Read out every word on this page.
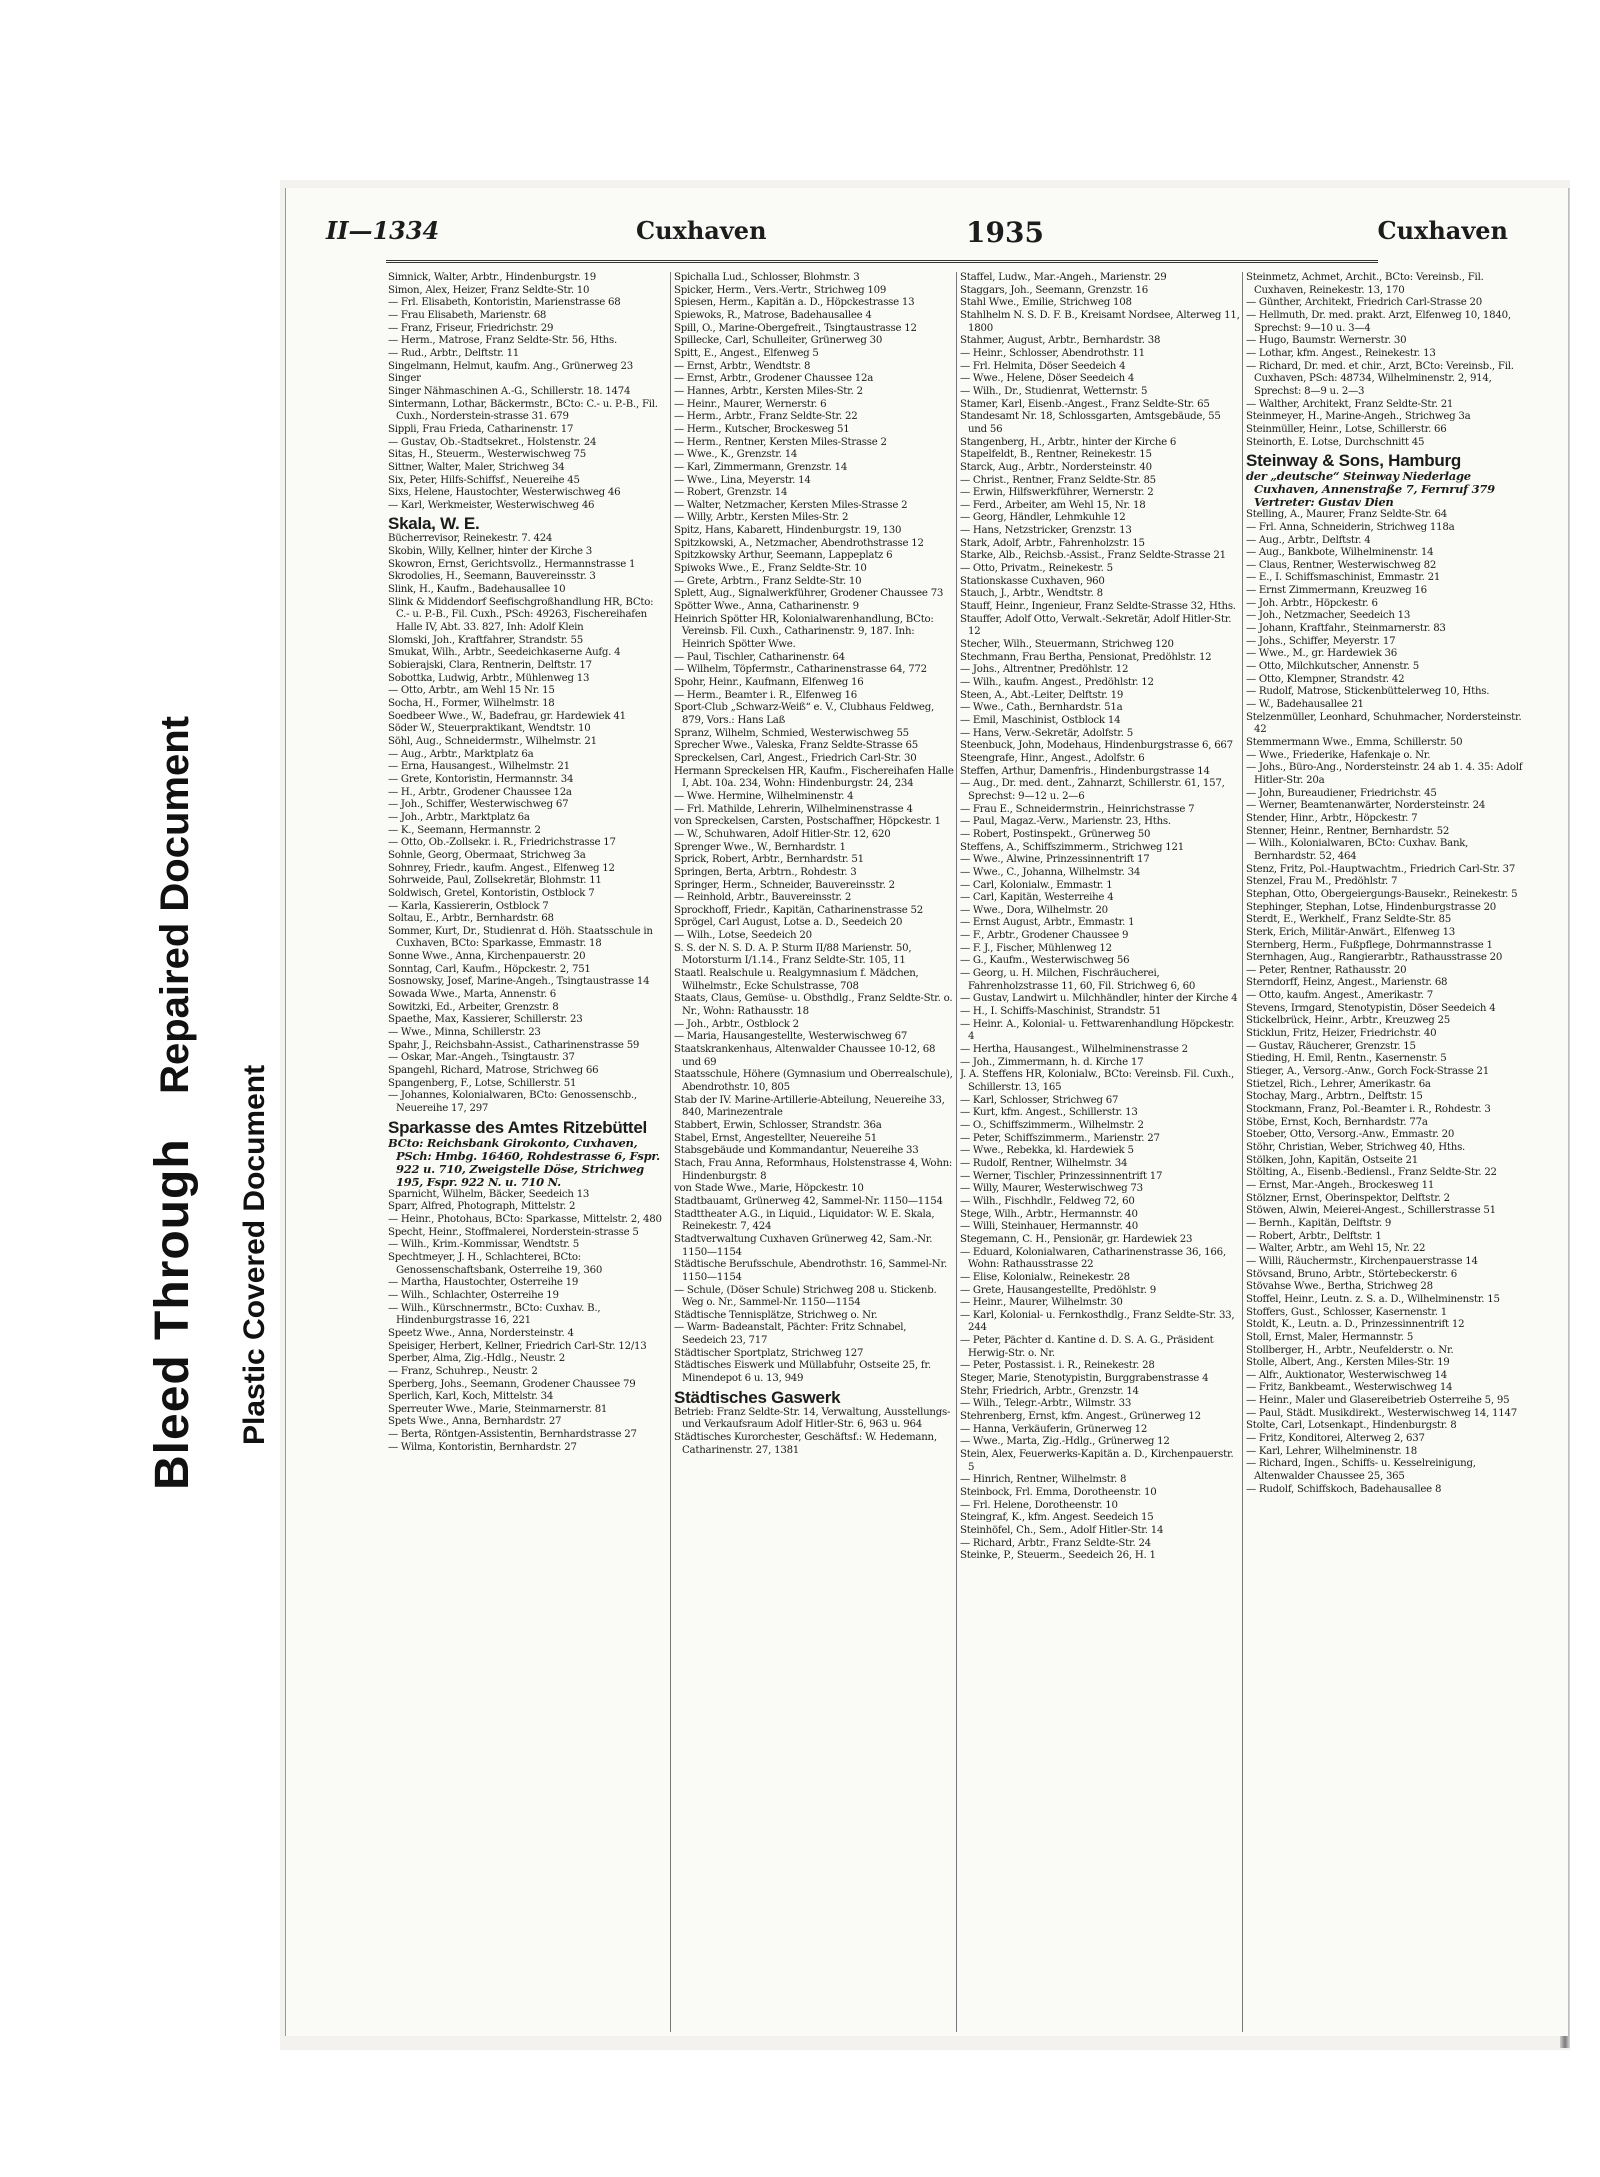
Bleed Through Repaired Document
Plastic Covered Document
II—1334	Cuxhaven	1935	Cuxhaven

Simnick, Walter, Arbtr., Hindenburgstr. 19

Simon, Alex, Heizer, Franz Seldte-Str. 10

— Frl. Elisabeth, Kontoristin, Marienstrasse 68

— Frau Elisabeth, Marienstr. 68

— Franz, Friseur, Friedrichstr. 29

— Herm., Matrose, Franz Seldte-Str. 56, Hths.

— Rud., Arbtr., Delftstr. 11

Singelmann, Helmut, kaufm. Ang., Grünerweg 23

Singer

Singer Nähmaschinen A.-G., Schillerstr. 18. 1474

Sintermann, Lothar, Bäckermstr., BCto: C.- u. P.-B., Fil. Cuxh., Norderstein-strasse 31. 679

Sippli, Frau Frieda, Catharinenstr. 17

— Gustav, Ob.-Stadtsekret., Holstenstr. 24

Sitas, H., Steuerm., Westerwischweg 75

Sittner, Walter, Maler, Strichweg 34

Six, Peter, Hilfs-Schiffsf., Neuereihe 45

Sixs, Helene, Haustochter, Westerwischweg 46

— Karl, Werkmeister, Westerwischweg 46

Skala, W. E.

Bücherrevisor, Reinekestr. 7. 424

Skobin, Willy, Kellner, hinter der Kirche 3

Skowron, Ernst, Gerichtsvollz., Hermannstrasse 1

Skrodolies, H., Seemann, Bauvereinsstr. 3

Slink, H., Kaufm., Badehausallee 10

Slink & Middendorf Seefischgroßhandlung HR, BCto: C.- u. P.-B., Fil. Cuxh., PSch: 49263, Fischereihafen Halle IV, Abt. 33. 827, Inh: Adolf Klein

Slomski, Joh., Kraftfahrer, Strandstr. 55

Smukat, Wilh., Arbtr., Seedeichkaserne Aufg. 4

Sobierajski, Clara, Rentnerin, Delftstr. 17

Sobottka, Ludwig, Arbtr., Mühlenweg 13

— Otto, Arbtr., am Wehl 15 Nr. 15

Socha, H., Former, Wilhelmstr. 18

Soedbeer Wwe., W., Badefrau, gr. Hardewiek 41

Söder W., Steuerpraktikant, Wendtstr. 10

Söhl, Aug., Schneidermstr., Wilhelmstr. 21

— Aug., Arbtr., Marktplatz 6a

— Erna, Hausangest., Wilhelmstr. 21

— Grete, Kontoristin, Hermannstr. 34

— H., Arbtr., Grodener Chaussee 12a

— Joh., Schiffer, Westerwischweg 67

— Joh., Arbtr., Marktplatz 6a

— K., Seemann, Hermannstr. 2

— Otto, Ob.-Zollsekr. i. R., Friedrichstrasse 17

Sohnle, Georg, Obermaat, Strichweg 3a

Sohnrey, Friedr., kaufm. Angest., Elfenweg 12

Sohrweide, Paul, Zollsekretär, Blohmstr. 11

Soldwisch, Gretel, Kontoristin, Ostblock 7

— Karla, Kassiererin, Ostblock 7

Soltau, E., Arbtr., Bernhardstr. 68

Sommer, Kurt, Dr., Studienrat d. Höh. Staatsschule in Cuxhaven, BCto: Sparkasse, Emmastr. 18

Sonne Wwe., Anna, Kirchenpauerstr. 20

Sonntag, Carl, Kaufm., Höpckestr. 2, 751

Sosnowsky, Josef, Marine-Angeh., Tsingtaustrasse 14

Sowada Wwe., Marta, Annenstr. 6

Sowitzki, Ed., Arbeiter, Grenzstr. 8

Spaethe, Max, Kassierer, Schillerstr. 23

— Wwe., Minna, Schillerstr. 23

Spahr, J., Reichsbahn-Assist., Catharinenstrasse 59

— Oskar, Mar.-Angeh., Tsingtaustr. 37

Spangehl, Richard, Matrose, Strichweg 66

Spangenberg, F., Lotse, Schillerstr. 51

— Johannes, Kolonialwaren, BCto: Genossenschb., Neuereihe 17, 297

Sparkasse des Amtes Ritzebüttel

BCto: Reichsbank Girokonto, Cuxhaven, PSch: Hmbg. 16460, Rohdestrasse 6, Fspr. 922 u. 710, Zweigstelle Döse, Strichweg 195, Fspr. 922 N. u. 710 N.

Sparnicht, Wilhelm, Bäcker, Seedeich 13

Sparr, Alfred, Photograph, Mittelstr. 2

— Heinr., Photohaus, BCto: Sparkasse, Mittelstr. 2, 480

Specht, Heinr., Stoffmalerei, Norderstein-strasse 5

— Wilh., Krim.-Kommissar, Wendtstr. 5

Spechtmeyer, J. H., Schlachterei, BCto: Genossenschaftsbank, Osterreihe 19, 360

— Martha, Haustochter, Osterreihe 19

— Wilh., Schlachter, Osterreihe 19

— Wilh., Kürschnermstr., BCto: Cuxhav. B., Hindenburgstrasse 16, 221

Speetz Wwe., Anna, Nordersteinstr. 4

Speisiger, Herbert, Kellner, Friedrich Carl-Str. 12/13

Sperber, Alma, Zig.-Hdlg., Neustr. 2

— Franz, Schuhrep., Neustr. 2

Sperberg, Johs., Seemann, Grodener Chaussee 79

Sperlich, Karl, Koch, Mittelstr. 34

Sperreuter Wwe., Marie, Steinmarnerstr. 81

Spets Wwe., Anna, Bernhardstr. 27

— Berta, Röntgen-Assistentin, Bernhardstrasse 27

— Wilma, Kontoristin, Bernhardstr. 27

Spichalla Lud., Schlosser, Blohmstr. 3

Spicker, Herm., Vers.-Vertr., Strichweg 109

Spiesen, Herm., Kapitän a. D., Höpckestrasse 13

Spiewoks, R., Matrose, Badehausallee 4

Spill, O., Marine-Obergefreit., Tsingtaustrasse 12

Spillecke, Carl, Schulleiter, Grünerweg 30

Spitt, E., Angest., Elfenweg 5

— Ernst, Arbtr., Wendtstr. 8

— Ernst, Arbtr., Grodener Chaussee 12a

— Hannes, Arbtr., Kersten Miles-Str. 2

— Heinr., Maurer, Wernerstr. 6

— Herm., Arbtr., Franz Seldte-Str. 22

— Herm., Kutscher, Brockesweg 51

— Herm., Rentner, Kersten Miles-Strasse 2

— Wwe., K., Grenzstr. 14

— Karl, Zimmermann, Grenzstr. 14

— Wwe., Lina, Meyerstr. 14

— Robert, Grenzstr. 14

— Walter, Netzmacher, Kersten Miles-Strasse 2

— Willy, Arbtr., Kersten Miles-Str. 2

Spitz, Hans, Kabarett, Hindenburgstr. 19, 130

Spitzkowski, A., Netzmacher, Abendrothstrasse 12

Spitzkowsky Arthur, Seemann, Lappeplatz 6

Spiwoks Wwe., E., Franz Seldte-Str. 10

— Grete, Arbtrn., Franz Seldte-Str. 10

Splett, Aug., Signalwerkführer, Grodener Chaussee 73

Spötter Wwe., Anna, Catharinenstr. 9

Heinrich Spötter HR, Kolonialwarenhandlung, BCto: Vereinsb. Fil. Cuxh., Catharinenstr. 9, 187. Inh: Heinrich Spötter Wwe.

— Paul, Tischler, Catharinenstr. 64

— Wilhelm, Töpfermstr., Catharinenstrasse 64, 772

Spohr, Heinr., Kaufmann, Elfenweg 16

— Herm., Beamter i. R., Elfenweg 16

Sport-Club „Schwarz-Weiß“ e. V., Clubhaus Feldweg, 879, Vors.: Hans Laß

Spranz, Wilhelm, Schmied, Westerwischweg 55

Sprecher Wwe., Valeska, Franz Seldte-Strasse 65

Spreckelsen, Carl, Angest., Friedrich Carl-Str. 30

Hermann Spreckelsen HR, Kaufm., Fischereihafen Halle I, Abt. 10a. 234, Wohn: Hindenburgstr. 24, 234

— Wwe. Hermine, Wilhelminenstr. 4

— Frl. Mathilde, Lehrerin, Wilhelminenstrasse 4

von Spreckelsen, Carsten, Postschaffner, Höpckestr. 1

— W., Schuhwaren, Adolf Hitler-Str. 12, 620

Sprenger Wwe., W., Bernhardstr. 1

Sprick, Robert, Arbtr., Bernhardstr. 51

Springen, Berta, Arbtrn., Rohdestr. 3

Springer, Herm., Schneider, Bauvereinsstr. 2

— Reinhold, Arbtr., Bauvereinsstr. 2

Sprockhoff, Friedr., Kapitän, Catharinenstrasse 52

Sprögel, Carl August, Lotse a. D., Seedeich 20

— Wilh., Lotse, Seedeich 20

S. S. der N. S. D. A. P. Sturm II/88 Marienstr. 50, Motorsturm I/1.14., Franz Seldte-Str. 105, 11

Staatl. Realschule u. Realgymnasium f. Mädchen, Wilhelmstr., Ecke Schulstrasse, 708

Staats, Claus, Gemüse- u. Obsthdlg., Franz Seldte-Str. o. Nr., Wohn: Rathausstr. 18

— Joh., Arbtr., Ostblock 2

— Maria, Hausangestellte, Westerwischweg 67

Staatskrankenhaus, Altenwalder Chaussee 10-12, 68 und 69

Staatsschule, Höhere (Gymnasium und Oberrealschule), Abendrothstr. 10, 805

Stab der IV. Marine-Artillerie-Abteilung, Neuereihe 33, 840, Marinezentrale

Stabbert, Erwin, Schlosser, Strandstr. 36a

Stabel, Ernst, Angestellter, Neuereihe 51

Stabsgebäude und Kommandantur, Neuereihe 33

Stach, Frau Anna, Reformhaus, Holstenstrasse 4, Wohn: Hindenburgstr. 8

von Stade Wwe., Marie, Höpckestr. 10

Stadtbauamt, Grünerweg 42, Sammel-Nr. 1150—1154

Stadttheater A.G., in Liquid., Liquidator: W. E. Skala, Reinekestr. 7, 424

Stadtverwaltung Cuxhaven Grünerweg 42, Sam.-Nr. 1150—1154

Städtische Berufsschule, Abendrothstr. 16, Sammel-Nr. 1150—1154

— Schule, (Döser Schule) Strichweg 208 u. Stickenb. Weg o. Nr., Sammel-Nr. 1150—1154

Städtische Tennisplätze, Strichweg o. Nr.

— Warm- Badeanstalt, Pächter: Fritz Schnabel, Seedeich 23, 717

Städtischer Sportplatz, Strichweg 127

Städtisches Eiswerk und Müllabfuhr, Ostseite 25, fr. Minendepot 6 u. 13, 949

Städtisches Gaswerk

Betrieb: Franz Seldte-Str. 14, Verwaltung, Ausstellungs- und Verkaufsraum Adolf Hitler-Str. 6, 963 u. 964

Städtisches Kurorchester, Geschäftsf.: W. Hedemann, Catharinenstr. 27, 1381

Staffel, Ludw., Mar.-Angeh., Marienstr. 29

Staggars, Joh., Seemann, Grenzstr. 16

Stahl Wwe., Emilie, Strichweg 108

Stahlhelm N. S. D. F. B., Kreisamt Nordsee, Alterweg 11, 1800

Stahmer, August, Arbtr., Bernhardstr. 38

— Heinr., Schlosser, Abendrothstr. 11

— Frl. Helmita, Döser Seedeich 4

— Wwe., Helene, Döser Seedeich 4

— Wilh., Dr., Studienrat, Wetternstr. 5

Stamer, Karl, Eisenb.-Angest., Franz Seldte-Str. 65

Standesamt Nr. 18, Schlossgarten, Amtsgebäude, 55 und 56

Stangenberg, H., Arbtr., hinter der Kirche 6

Stapelfeldt, B., Rentner, Reinekestr. 15

Starck, Aug., Arbtr., Nordersteinstr. 40

— Christ., Rentner, Franz Seldte-Str. 85

— Erwin, Hilfswerkführer, Wernerstr. 2

— Ferd., Arbeiter, am Wehl 15, Nr. 18

— Georg, Händler, Lehmkuhle 12

— Hans, Netzstricker, Grenzstr. 13

Stark, Adolf, Arbtr., Fahrenholzstr. 15

Starke, Alb., Reichsb.-Assist., Franz Seldte-Strasse 21

— Otto, Privatm., Reinekestr. 5

Stationskasse Cuxhaven, 960

Stauch, J., Arbtr., Wendtstr. 8

Stauff, Heinr., Ingenieur, Franz Seldte-Strasse 32, Hths.

Stauffer, Adolf Otto, Verwalt.-Sekretär, Adolf Hitler-Str. 12

Stecher, Wilh., Steuermann, Strichweg 120

Stechmann, Frau Bertha, Pensionat, Predöhlstr. 12

— Johs., Altrentner, Predöhlstr. 12

— Wilh., kaufm. Angest., Predöhlstr. 12

Steen, A., Abt.-Leiter, Delftstr. 19

— Wwe., Cath., Bernhardstr. 51a

— Emil, Maschinist, Ostblock 14

— Hans, Verw.-Sekretär, Adolfstr. 5

Steenbuck, John, Modehaus, Hindenburgstrasse 6, 667

Steengrafe, Hinr., Angest., Adolfstr. 6

Steffen, Arthur, Damenfris., Hindenburgstrasse 14

— Aug., Dr. med. dent., Zahnarzt, Schillerstr. 61, 157, Sprechst: 9—12 u. 2—6

— Frau E., Schneidermstrin., Heinrichstrasse 7

— Paul, Magaz.-Verw., Marienstr. 23, Hths.

— Robert, Postinspekt., Grünerweg 50

Steffens, A., Schiffszimmerm., Strichweg 121

— Wwe., Alwine, Prinzessinnentrift 17

— Wwe., C., Johanna, Wilhelmstr. 34

— Carl, Kolonialw., Emmastr. 1

— Carl, Kapitän, Westerreihe 4

— Wwe., Dora, Wilhelmstr. 20

— Ernst August, Arbtr., Emmastr. 1

— F., Arbtr., Grodener Chaussee 9

— F. J., Fischer, Mühlenweg 12

— G., Kaufm., Westerwischweg 56

— Georg, u. H. Milchen, Fischräucherei, Fahrenholzstrasse 11, 60, Fil. Strichweg 6, 60

— Gustav, Landwirt u. Milchhändler, hinter der Kirche 4

— H., I. Schiffs-Maschinist, Strandstr. 51

— Heinr. A., Kolonial- u. Fettwarenhandlung Höpckestr. 4

— Hertha, Hausangest., Wilhelminenstrasse 2

— Joh., Zimmermann, h. d. Kirche 17

J. A. Steffens HR, Kolonialw., BCto: Vereinsb. Fil. Cuxh., Schillerstr. 13, 165

— Karl, Schlosser, Strichweg 67

— Kurt, kfm. Angest., Schillerstr. 13

— O., Schiffszimmerm., Wilhelmstr. 2

— Peter, Schiffszimmerm., Marienstr. 27

— Wwe., Rebekka, kl. Hardewiek 5

— Rudolf, Rentner, Wilhelmstr. 34

— Werner, Tischler, Prinzessinnentrift 17

— Willy, Maurer, Westerwischweg 73

— Wilh., Fischhdlr., Feldweg 72, 60

Stege, Wilh., Arbtr., Hermannstr. 40

— Willi, Steinhauer, Hermannstr. 40

Stegemann, C. H., Pensionär, gr. Hardewiek 23

— Eduard, Kolonialwaren, Catharinenstrasse 36, 166, Wohn: Rathausstrasse 22

— Elise, Kolonialw., Reinekestr. 28

— Grete, Hausangestellte, Predöhlstr. 9

— Heinr., Maurer, Wilhelmstr. 30

— Karl, Kolonial- u. Fernkosthdlg., Franz Seldte-Str. 33, 244

— Peter, Pächter d. Kantine d. D. S. A. G., Präsident Herwig-Str. o. Nr.

— Peter, Postassist. i. R., Reinekestr. 28

Steger, Marie, Stenotypistin, Burggrabenstrasse 4

Stehr, Friedrich, Arbtr., Grenzstr. 14

— Wilh., Telegr.-Arbtr., Wilmstr. 33

Stehrenberg, Ernst, kfm. Angest., Grünerweg 12

— Hanna, Verkäuferin, Grünerweg 12

— Wwe., Marta, Zig.-Hdlg., Grünerweg 12

Stein, Alex, Feuerwerks-Kapitän a. D., Kirchenpauerstr. 5

— Hinrich, Rentner, Wilhelmstr. 8

Steinbock, Frl. Emma, Dorotheenstr. 10

— Frl. Helene, Dorotheenstr. 10

Steingraf, K., kfm. Angest. Seedeich 15

Steinhöfel, Ch., Sem., Adolf Hitler-Str. 14

— Richard, Arbtr., Franz Seldte-Str. 24

Steinke, P., Steuerm., Seedeich 26, H. 1

Steinmetz, Achmet, Archit., BCto: Vereinsb., Fil. Cuxhaven, Reinekestr. 13, 170

— Günther, Architekt, Friedrich Carl-Strasse 20

— Hellmuth, Dr. med. prakt. Arzt, Elfenweg 10, 1840, Sprechst: 9—10 u. 3—4

— Hugo, Baumstr. Wernerstr. 30

— Lothar, kfm. Angest., Reinekestr. 13

— Richard, Dr. med. et chir., Arzt, BCto: Vereinsb., Fil. Cuxhaven, PSch: 48734, Wilhelminenstr. 2, 914, Sprechst: 8—9 u. 2—3

— Walther, Architekt, Franz Seldte-Str. 21

Steinmeyer, H., Marine-Angeh., Strichweg 3a

Steinmüller, Heinr., Lotse, Schillerstr. 66

Steinorth, E. Lotse, Durchschnitt 45

Steinway & Sons, Hamburg

der „deutsche“ Steinway Niederlage Cuxhaven, Annenstraße 7, Fernruf 379 Vertreter: Gustav Dien

Stelling, A., Maurer, Franz Seldte-Str. 64

— Frl. Anna, Schneiderin, Strichweg 118a

— Aug., Arbtr., Delftstr. 4

— Aug., Bankbote, Wilhelminenstr. 14

— Claus, Rentner, Westerwischweg 82

— E., I. Schiffsmaschinist, Emmastr. 21

— Ernst Zimmermann, Kreuzweg 16

— Joh. Arbtr., Höpckestr. 6

— Joh., Netzmacher, Seedeich 13

— Johann, Kraftfahr., Steinmarnerstr. 83

— Johs., Schiffer, Meyerstr. 17

— Wwe., M., gr. Hardewiek 36

— Otto, Milchkutscher, Annenstr. 5

— Otto, Klempner, Strandstr. 42

— Rudolf, Matrose, Stickenbüttelerweg 10, Hths.

— W., Badehausallee 21

Stelzenmüller, Leonhard, Schuhmacher, Nordersteinstr. 42

Stemmermann Wwe., Emma, Schillerstr. 50

— Wwe., Friederike, Hafenkaje o. Nr.

— Johs., Büro-Ang., Nordersteinstr. 24 ab 1. 4. 35: Adolf Hitler-Str. 20a

— John, Bureaudiener, Friedrichstr. 45

— Werner, Beamtenanwärter, Nordersteinstr. 24

Stender, Hinr., Arbtr., Höpckestr. 7

Stenner, Heinr., Rentner, Bernhardstr. 52

— Wilh., Kolonialwaren, BCto: Cuxhav. Bank, Bernhardstr. 52, 464

Stenz, Fritz, Pol.-Hauptwachtm., Friedrich Carl-Str. 37

Stenzel, Frau M., Predöhlstr. 7

Stephan, Otto, Obergeiergungs-Bausekr., Reinekestr. 5

Stephinger, Stephan, Lotse, Hindenburgstrasse 20

Sterdt, E., Werkhelf., Franz Seldte-Str. 85

Sterk, Erich, Militär-Anwärt., Elfenweg 13

Sternberg, Herm., Fußpflege, Dohrmannstrasse 1

Sternhagen, Aug., Rangierarbtr., Rathausstrasse 20

— Peter, Rentner, Rathausstr. 20

Sterndorff, Heinz, Angest., Marienstr. 68

— Otto, kaufm. Angest., Amerikastr. 7

Stevens, Irmgard, Stenotypistin, Döser Seedeich 4

Stickelbrück, Heinr., Arbtr., Kreuzweg 25

Sticklun, Fritz, Heizer, Friedrichstr. 40

— Gustav, Räucherer, Grenzstr. 15

Stieding, H. Emil, Rentn., Kasernenstr. 5

Stieger, A., Versorg.-Anw., Gorch Fock-Strasse 21

Stietzel, Rich., Lehrer, Amerikastr. 6a

Stochay, Marg., Arbtrn., Delftstr. 15

Stockmann, Franz, Pol.-Beamter i. R., Rohdestr. 3

Stöbe, Ernst, Koch, Bernhardstr. 77a

Stoeber, Otto, Versorg.-Anw., Emmastr. 20

Stöhr, Christian, Weber, Strichweg 40, Hths.

Stölken, John, Kapitän, Ostseite 21

Stölting, A., Eisenb.-Bediensl., Franz Seldte-Str. 22

— Ernst, Mar.-Angeh., Brockesweg 11

Stölzner, Ernst, Oberinspektor, Delftstr. 2

Stöwen, Alwin, Meierei-Angest., Schillerstrasse 51

— Bernh., Kapitän, Delftstr. 9

— Robert, Arbtr., Delftstr. 1

— Walter, Arbtr., am Wehl 15, Nr. 22

— Willi, Räuchermstr., Kirchenpauerstrasse 14

Stövsand, Bruno, Arbtr., Störtebeckerstr. 6

Stövahse Wwe., Bertha, Strichweg 28

Stoffel, Heinr., Leutn. z. S. a. D., Wilhelminenstr. 15

Stoffers, Gust., Schlosser, Kasernenstr. 1

Stoldt, K., Leutn. a. D., Prinzessinnentrift 12

Stoll, Ernst, Maler, Hermannstr. 5

Stollberger, H., Arbtr., Neufelderstr. o. Nr.

Stolle, Albert, Ang., Kersten Miles-Str. 19

— Alfr., Auktionator, Westerwischweg 14

— Fritz, Bankbeamt., Westerwischweg 14

— Heinr., Maler und Glasereibetrieb Osterreihe 5, 95

— Paul, Städt. Musikdirekt., Westerwischweg 14, 1147

Stolte, Carl, Lotsenkapt., Hindenburgstr. 8

— Fritz, Konditorei, Alterweg 2, 637

— Karl, Lehrer, Wilhelminenstr. 18

— Richard, Ingen., Schiffs- u. Kesselreinigung, Altenwalder Chaussee 25, 365

— Rudolf, Schiffskoch, Badehausallee 8
